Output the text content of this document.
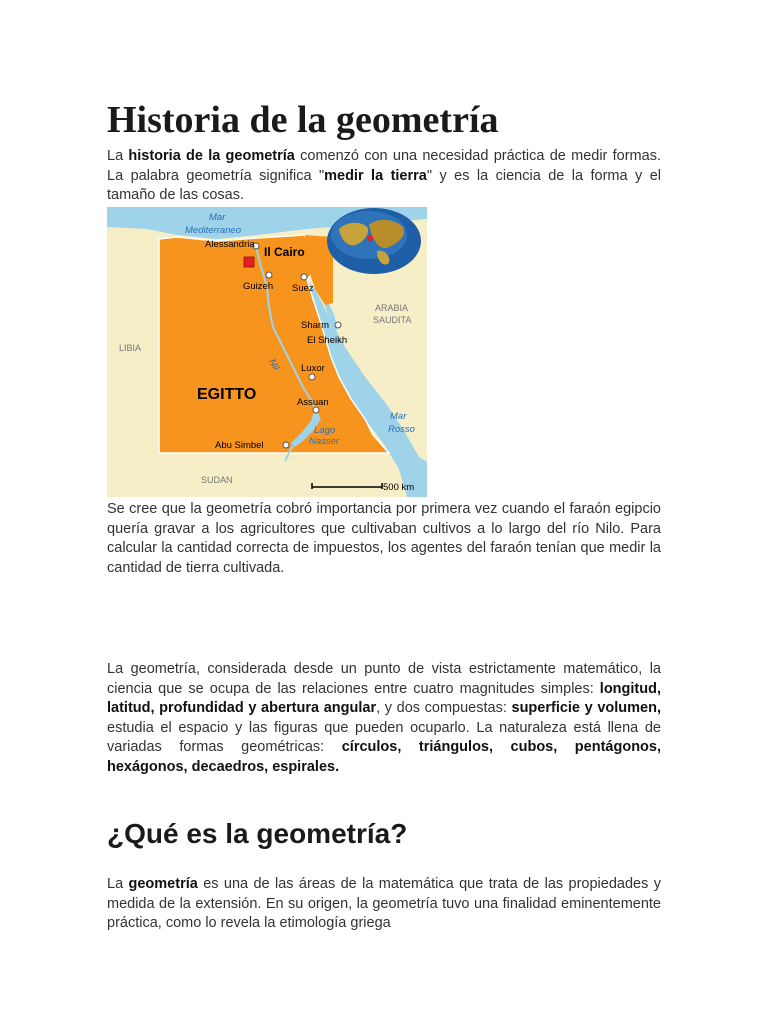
Historia de la geometría

La historia de la geometría comenzó con una necesidad práctica de medir formas. La palabra geometría significa "medir la tierra" y es la ciencia de la forma y el tamaño de las cosas.

Il Cairo
Alessandria
Guizeh Suez
Sharm
El Sheikh
Luxor
Assuan
Abu Simbel
LIBIA
ARABIA
SAUDITA
SUDAN
Mar
Mediterraneo
Mar
Rosso
Lago
Nasser
Nil
EGITTO
500 km

Se cree que la geometría cobró importancia por primera vez cuando el faraón egipcio quería gravar a los agricultores que cultivaban cultivos a lo largo del río Nilo. Para calcular la cantidad correcta de impuestos, los agentes del faraón tenían que medir la cantidad de tierra cultivada.

La geometría, considerada desde un punto de vista estrictamente matemático, la ciencia que se ocupa de las relaciones entre cuatro magnitudes simples: longitud, latitud, profundidad y abertura angular, y dos compuestas: superficie y volumen, estudia el espacio y las figuras que pueden ocuparlo. La naturaleza está llena de variadas formas geométricas: círculos, triángulos, cubos, pentágonos, hexágonos, decaedros, espirales.

¿Qué es la geometría?

La geometría es una de las áreas de la matemática que trata de las propiedades y medida de la extensión. En su origen, la geometría tuvo una finalidad eminentemente práctica, como lo revela la etimología griega
